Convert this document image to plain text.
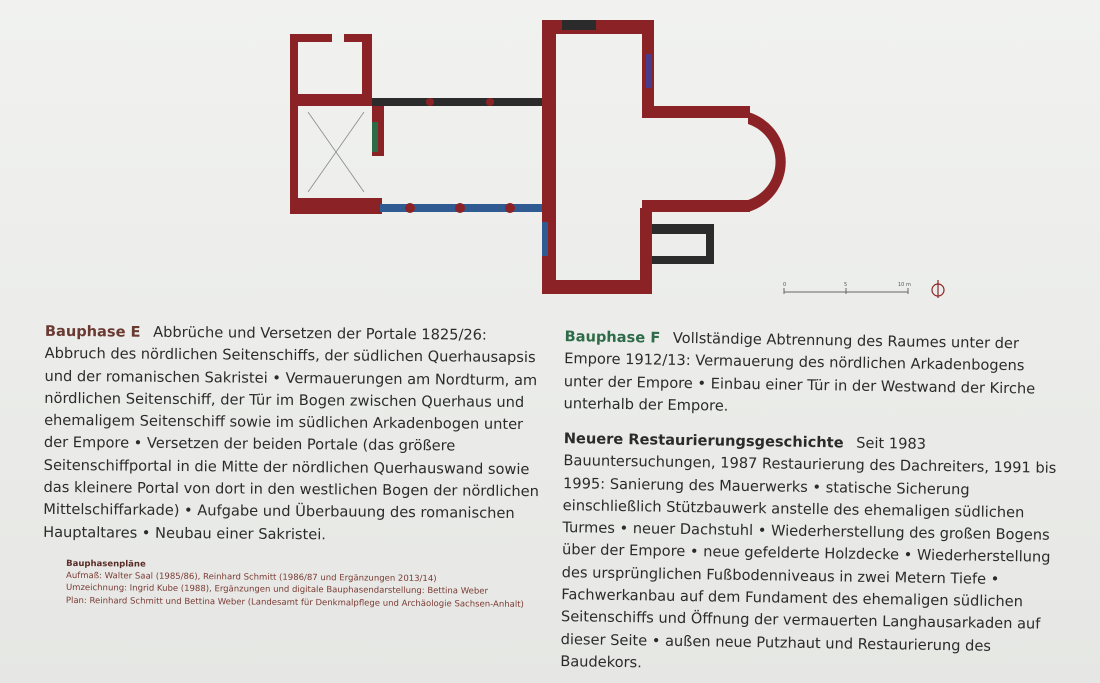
0	5	10 m
Bauphase E Abbrüche und Versetzen der Portale 1825/26: Abbruch des nördlichen Seitenschiffs, der südlichen Querhausapsis und der romanischen Sakristei • Vermauerungen am Nordturm, am nördlichen Seitenschiff, der Tür im Bogen zwischen Querhaus und ehemaligem Seitenschiff sowie im südlichen Arkadenbogen unter der Empore • Versetzen der beiden Portale (das größere Seitenschiffportal in die Mitte der nördlichen Querhauswand sowie das kleinere Portal von dort in den westlichen Bogen der nördlichen Mittelschiffarkade) • Aufgabe und Überbauung des romanischen Hauptaltares • Neubau einer Sakristei.
Bauphase F Vollständige Abtrennung des Raumes unter der Empore 1912/13: Vermauerung des nördlichen Arkadenbogens unter der Empore • Einbau einer Tür in der Westwand der Kirche unterhalb der Empore.
Neuere Restaurierungsgeschichte Seit 1983 Bauuntersuchungen, 1987 Restaurierung des Dachreiters, 1991 bis 1995: Sanierung des Mauerwerks • statische Sicherung einschließlich Stützbauwerk anstelle des ehemaligen südlichen Turmes • neuer Dachstuhl • Wiederherstellung des großen Bogens über der Empore • neue gefelderte Holzdecke • Wiederherstellung des ursprünglichen Fußbodenniveaus in zwei Metern Tiefe • Fachwerkanbau auf dem Fundament des ehemaligen südlichen Seitenschiffs und Öffnung der vermauerten Langhausarkaden auf dieser Seite • außen neue Putzhaut und Restaurierung des Baudekors.
Bauphasenpläne
Aufmaß: Walter Saal (1985/86), Reinhard Schmitt (1986/87 und Ergänzungen 2013/14)
Umzeichnung: Ingrid Kube (1988), Ergänzungen und digitale Bauphasendarstellung: Bettina Weber
Plan: Reinhard Schmitt und Bettina Weber (Landesamt für Denkmalpflege und Archäologie Sachsen-Anhalt)
